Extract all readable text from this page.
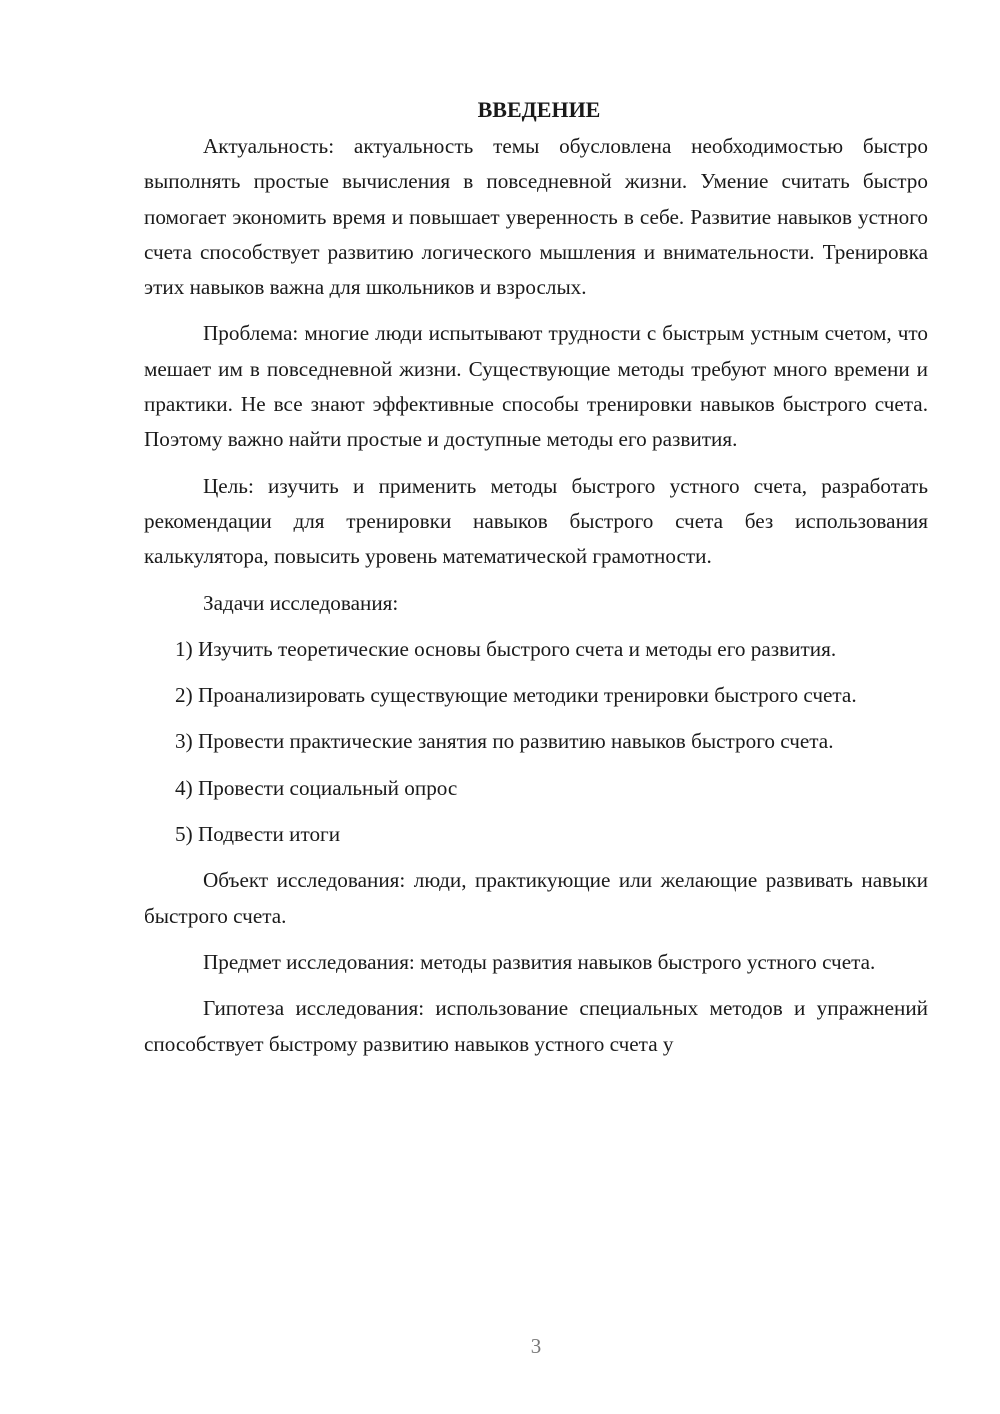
ВВЕДЕНИЕ

Актуальность: актуальность темы обусловлена необходимостью быстро выполнять простые вычисления в повседневной жизни. Умение считать быстро помогает экономить время и повышает уверенность в себе. Развитие навыков устного счета способствует развитию логического мышления и внимательности. Тренировка этих навыков важна для школьников и взрослых.

Проблема: многие люди испытывают трудности с быстрым устным счетом, что мешает им в повседневной жизни. Существующие методы требуют много времени и практики. Не все знают эффективные способы тренировки навыков быстрого счета. Поэтому важно найти простые и доступные методы его развития.

Цель: изучить и применить методы быстрого устного счета, разработать рекомендации для тренировки навыков быстрого счета без использования калькулятора, повысить уровень математической грамотности.

Задачи исследования:

1) Изучить теоретические основы быстрого счета и методы его развития.

2) Проанализировать существующие методики тренировки быстрого счета.

3) Провести практические занятия по развитию навыков быстрого счета.

4) Провести социальный опрос

5) Подвести итоги

Объект исследования: люди, практикующие или желающие развивать навыки быстрого счета.

Предмет исследования: методы развития навыков быстрого устного счета.

Гипотеза исследования: использование специальных методов и упражнений способствует быстрому развитию навыков устного счета у

3
